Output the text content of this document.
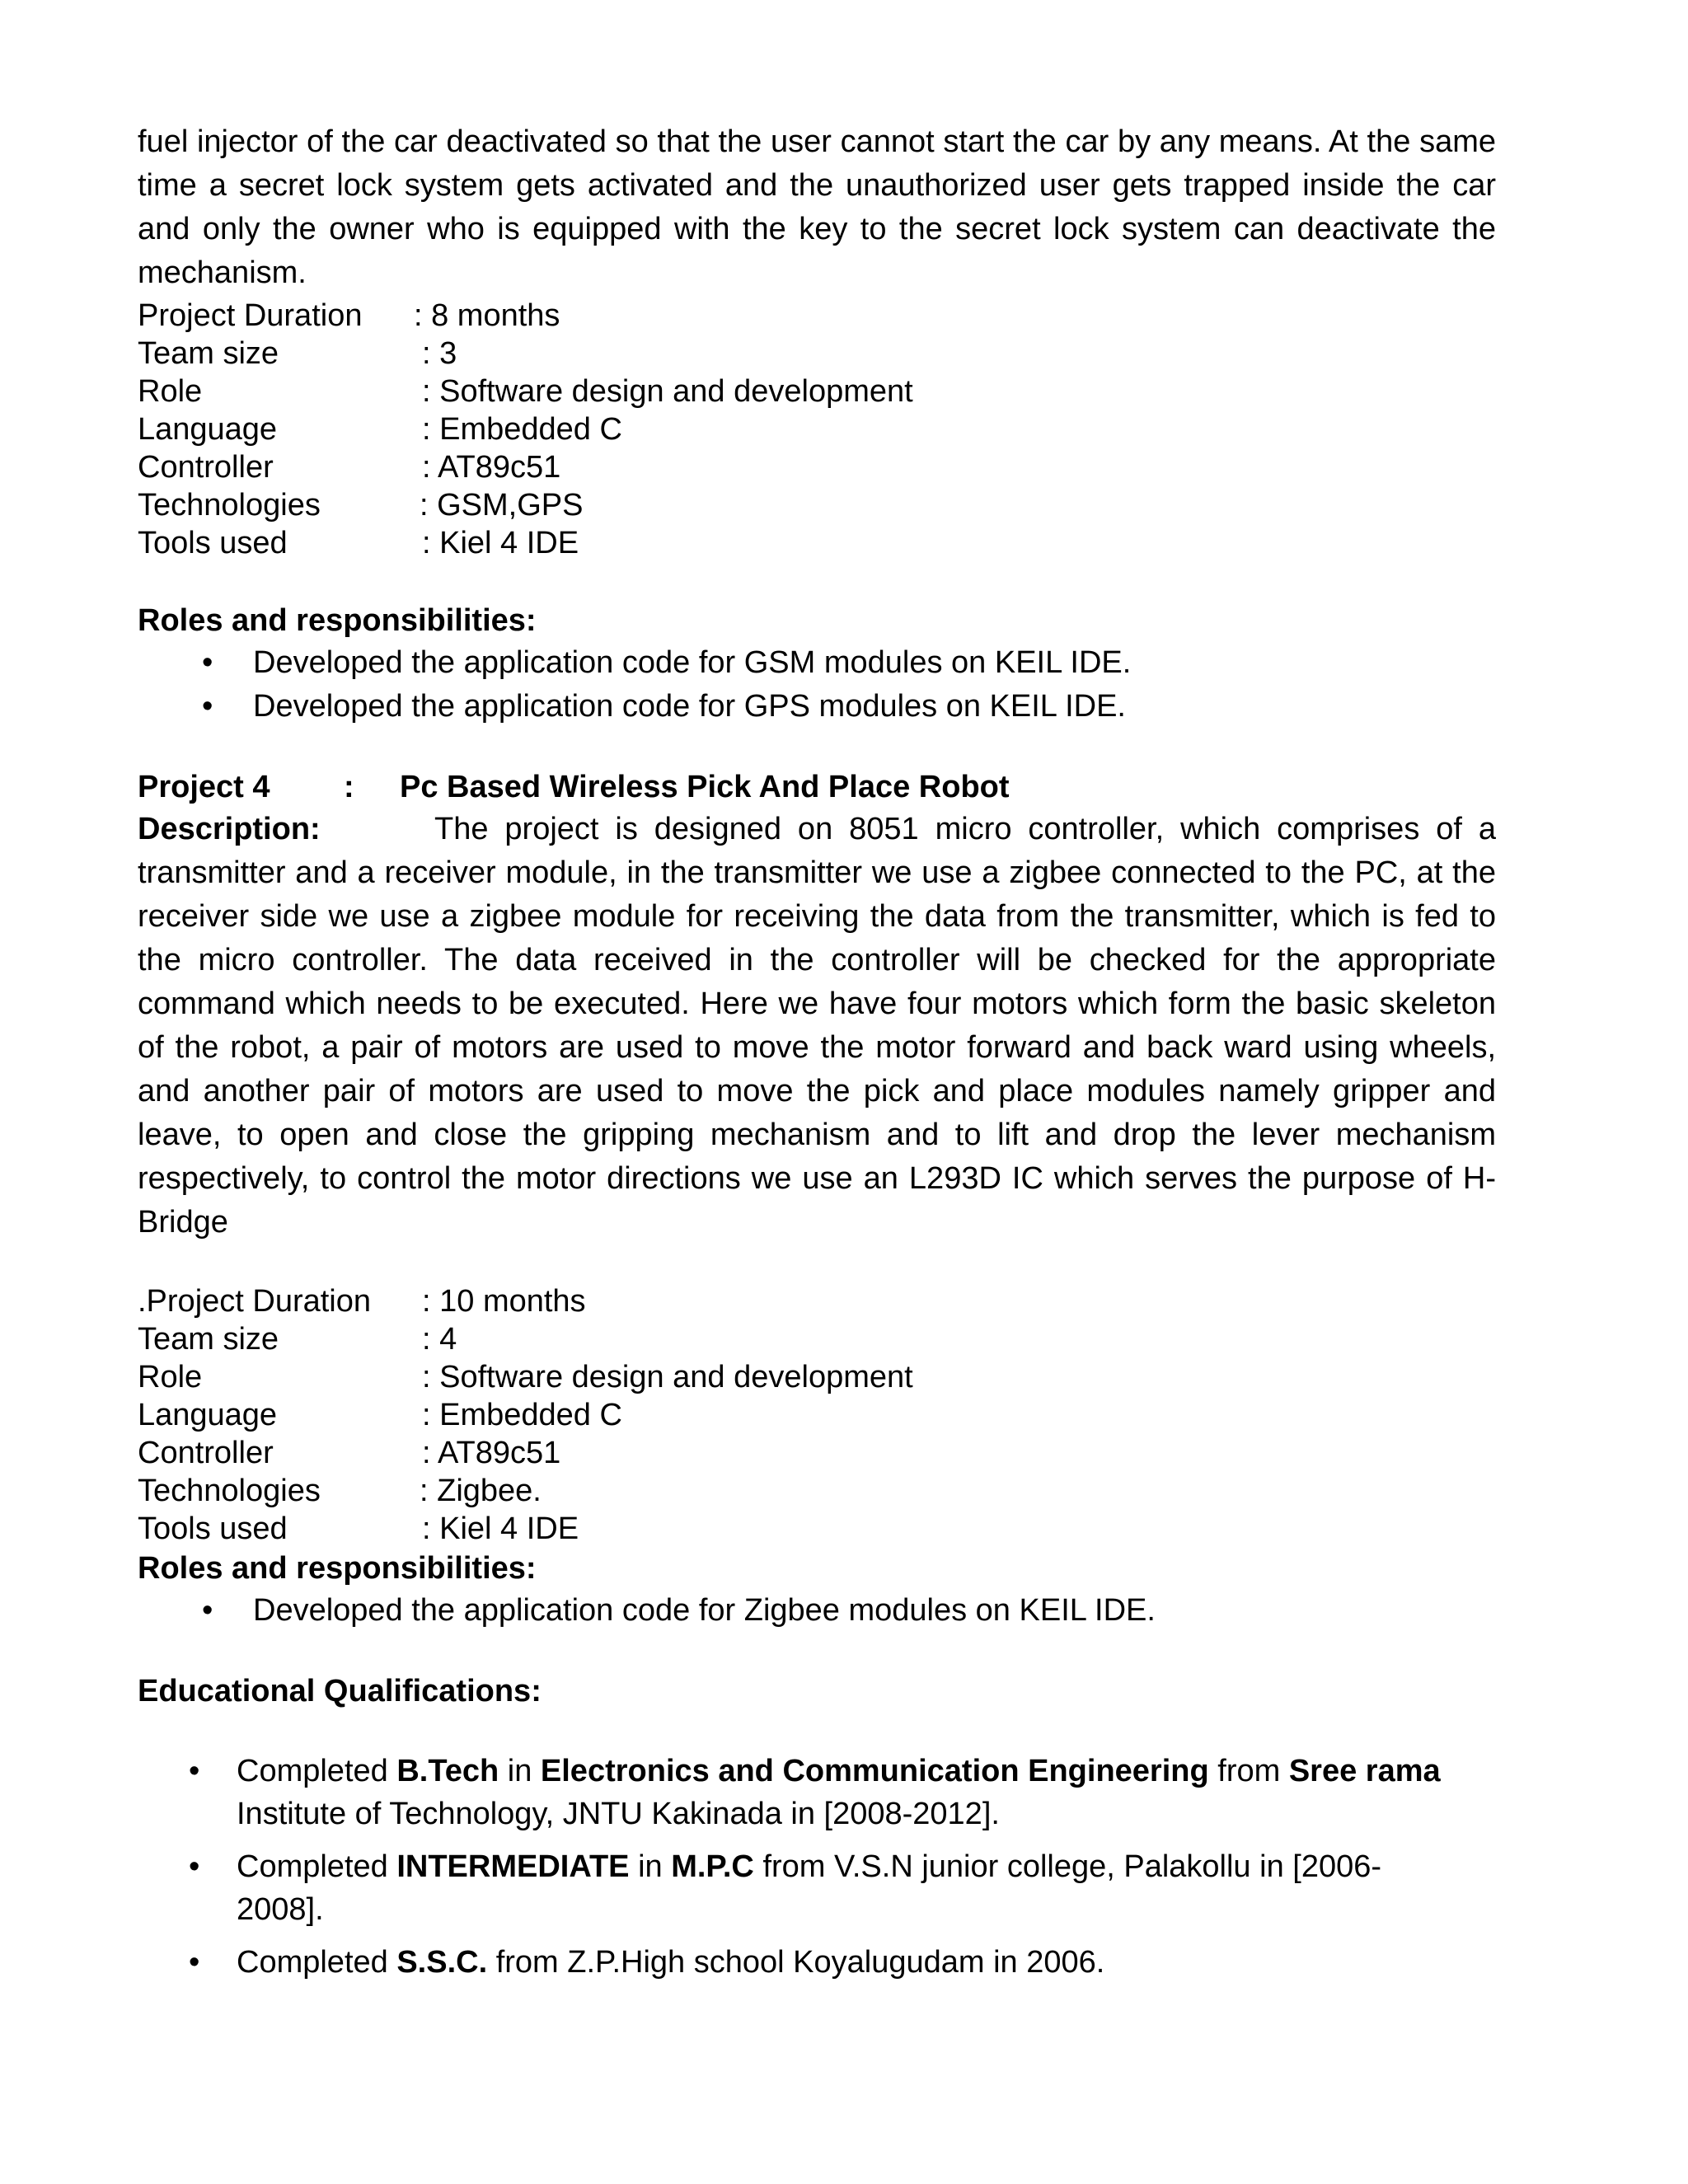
fuel injector of the car deactivated so that the user cannot start the car by any means. At the same time a secret lock system gets activated and the unauthorized user gets trapped inside the car and only the owner who is equipped with the key to the secret lock system can deactivate the mechanism.

Project Duration	: 8 months
Team size	: 3
Role	: Software design and development
Language	: Embedded C
Controller	: AT89c51
Technologies	: GSM,GPS
Tools used	: Kiel 4 IDE

Roles and responsibilities:

• Developed the application code for GSM modules on KEIL IDE.
• Developed the application code for GPS modules on KEIL IDE.
Project 4	:	Pc Based Wireless Pick And Place Robot

Description:	The project is designed on 8051 micro controller, which comprises of a transmitter and a receiver module, in the transmitter we use a zigbee connected to the PC, at the receiver side we use a zigbee module for receiving the data from the transmitter, which is fed to the micro controller. The data received in the controller will be checked for the appropriate command which needs to be executed. Here we have four motors which form the basic skeleton of the robot, a pair of motors are used to move the motor forward and back ward using wheels, and another pair of motors are used to move the pick and place modules namely gripper and leave, to open and close the gripping mechanism and to lift and drop the lever mechanism respectively, to control the motor directions we use an L293D IC which serves the purpose of H-Bridge

.Project Duration	: 10 months
Team size	: 4
Role	: Software design and development
Language	: Embedded C
Controller	: AT89c51
Technologies	: Zigbee.
Tools used	: Kiel 4 IDE

Roles and responsibilities:

• Developed the application code for Zigbee modules on KEIL IDE.

Educational Qualifications:

• Completed B.Tech in Electronics and Communication Engineering from Sree rama Institute of Technology, JNTU Kakinada in [2008-2012].
• Completed INTERMEDIATE in M.P.C from V.S.N junior college, Palakollu in [2006-2008].
• Completed S.S.C. from Z.P.High school Koyalugudam in 2006.
